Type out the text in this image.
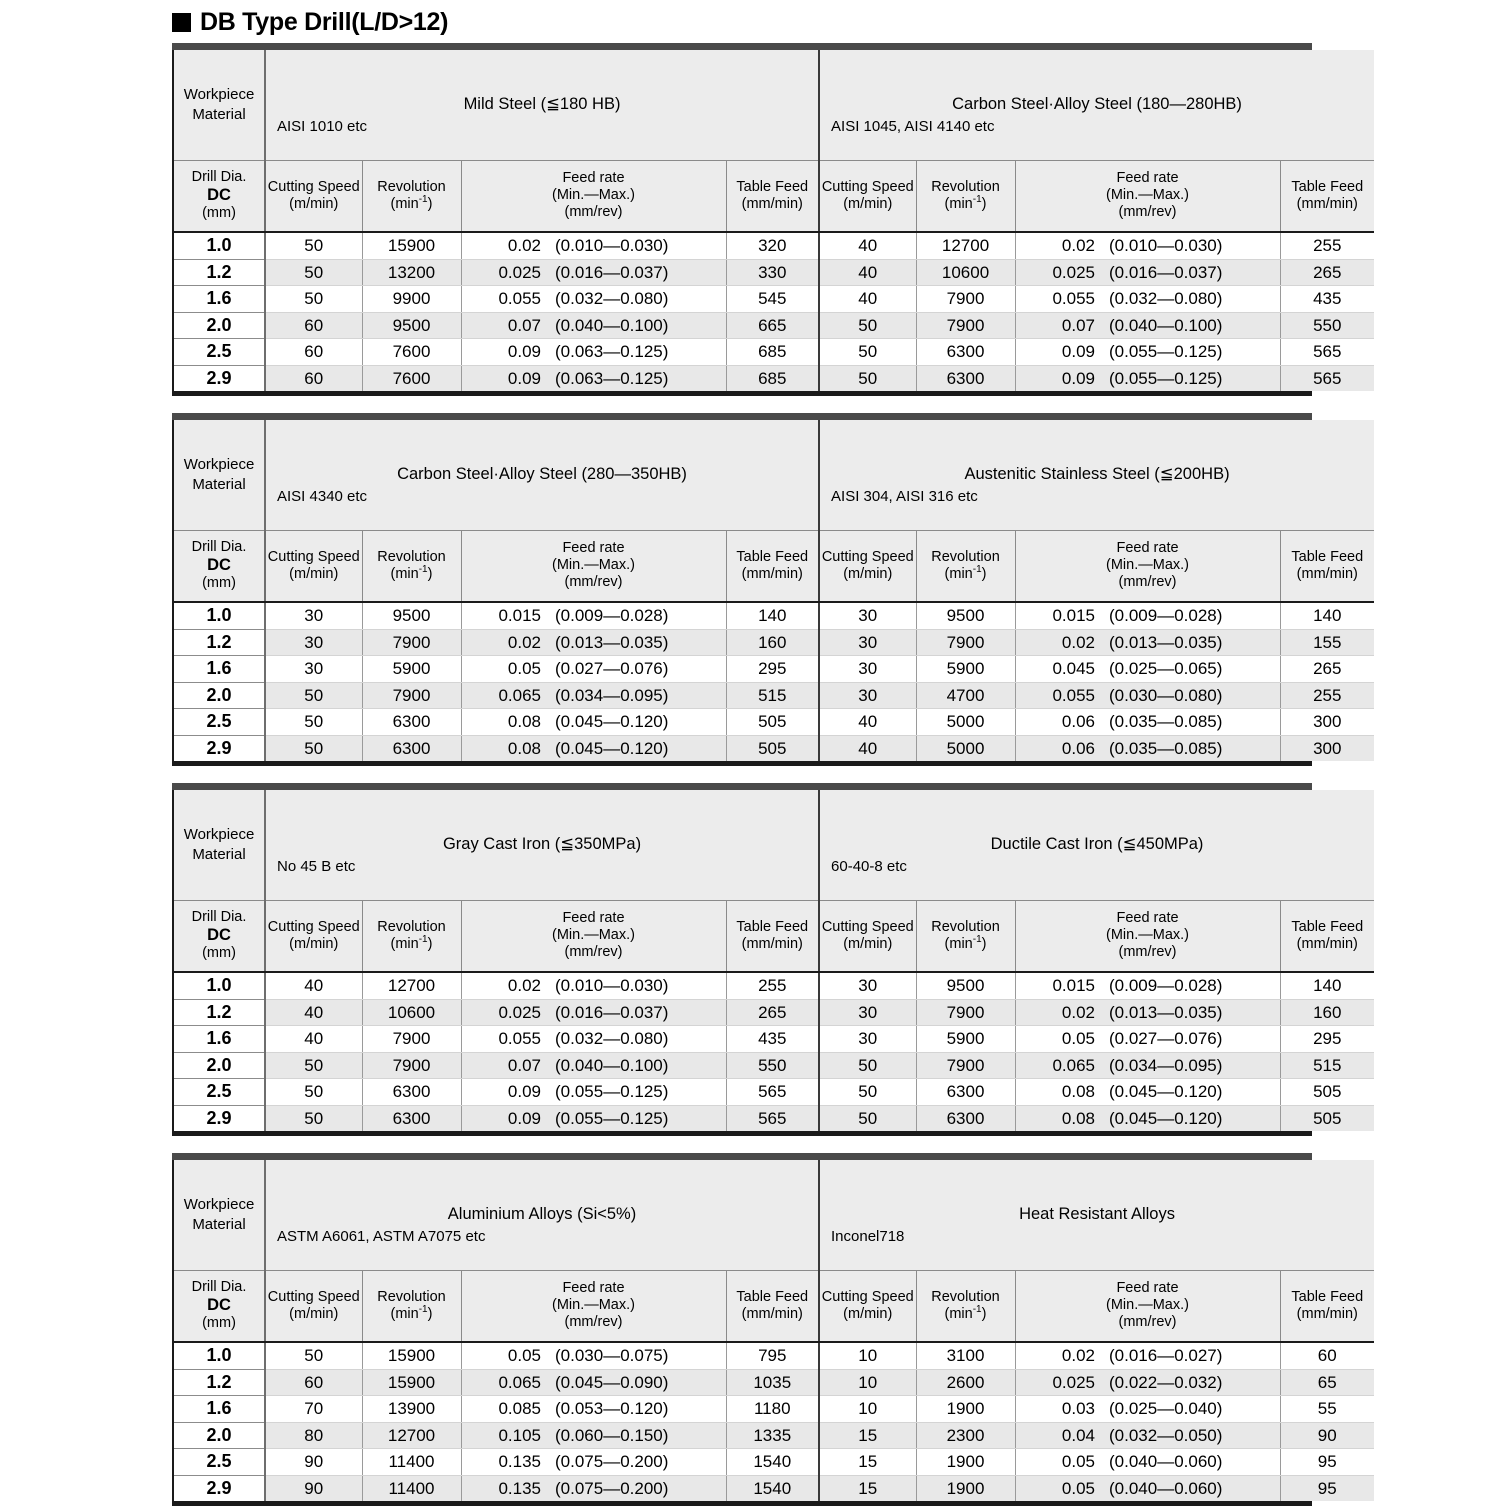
DB Type Drill(L/D>12)
Workpiece Material	Mild Steel (≦180 HB)
AISI 1010 etc				Carbon Steel·Alloy Steel (180—280HB)
AISI 1045, AISI 4140 etc			

Drill Dia.
DC
(mm)	Cutting Speed
(m/min)	Revolution
$(\min^{-1})$	Feed rate
(Min.—Max.)
(mm/rev)	Table Feed
(mm/min)	Cutting Speed
(m/min)	Revolution
$(\min^{-1})$	Feed rate
(Min.—Max.)
(mm/rev)	Table Feed
(mm/min)

1.0	50	15900	0.02 (0.010—0.030)	320	40	12700	0.02 (0.010—0.030)	255
1.2	50	13200	0.025 (0.016—0.037)	330	40	10600	0.025 (0.016—0.037)	265
1.6	50	9900	0.055 (0.032—0.080)	545	40	7900	0.055 (0.032—0.080)	435
2.0	60	9500	0.07 (0.040—0.100)	665	50	7900	0.07 (0.040—0.100)	550
2.5	60	7600	0.09 (0.063—0.125)	685	50	6300	0.09 (0.055—0.125)	565
2.9	60	7600	0.09 (0.063—0.125)	685	50	6300	0.09 (0.055—0.125)	565
Workpiece Material	Carbon Steel·Alloy Steel (280—350HB)
AISI 4340 etc				Austenitic Stainless Steel (≦200HB)
AISI 304, AISI 316 etc			

Drill Dia.
DC
(mm)	Cutting Speed
(m/min)	Revolution
$(\min^{-1})$	Feed rate
(Min.—Max.)
(mm/rev)	Table Feed
(mm/min)	Cutting Speed
(m/min)	Revolution
$(\min^{-1})$	Feed rate
(Min.—Max.)
(mm/rev)	Table Feed
(mm/min)

1.0	30	9500	0.015 (0.009—0.028)	140	30	9500	0.015 (0.009—0.028)	140
1.2	30	7900	0.02 (0.013—0.035)	160	30	7900	0.02 (0.013—0.035)	155
1.6	30	5900	0.05 (0.027—0.076)	295	30	5900	0.045 (0.025—0.065)	265
2.0	50	7900	0.065 (0.034—0.095)	515	30	4700	0.055 (0.030—0.080)	255
2.5	50	6300	0.08 (0.045—0.120)	505	40	5000	0.06 (0.035—0.085)	300
2.9	50	6300	0.08 (0.045—0.120)	505	40	5000	0.06 (0.035—0.085)	300
Workpiece Material	Gray Cast Iron (≦350MPa)
No 45 B etc				Ductile Cast Iron (≦450MPa)
60-40-8 etc			

Drill Dia.
DC
(mm)	Cutting Speed
(m/min)	Revolution
$(\min^{-1})$	Feed rate
(Min.—Max.)
(mm/rev)	Table Feed
(mm/min)	Cutting Speed
(m/min)	Revolution
$(\min^{-1})$	Feed rate
(Min.—Max.)
(mm/rev)	Table Feed
(mm/min)

1.0	40	12700	0.02 (0.010—0.030)	255	30	9500	0.015 (0.009—0.028)	140
1.2	40	10600	0.025 (0.016—0.037)	265	30	7900	0.02 (0.013—0.035)	160
1.6	40	7900	0.055 (0.032—0.080)	435	30	5900	0.05 (0.027—0.076)	295
2.0	50	7900	0.07 (0.040—0.100)	550	50	7900	0.065 (0.034—0.095)	515
2.5	50	6300	0.09 (0.055—0.125)	565	50	6300	0.08 (0.045—0.120)	505
2.9	50	6300	0.09 (0.055—0.125)	565	50	6300	0.08 (0.045—0.120)	505
Workpiece Material	Aluminium Alloys (Si<5%)
ASTM A6061, ASTM A7075 etc				Heat Resistant Alloys
Inconel718			

Drill Dia.
DC
(mm)	Cutting Speed
(m/min)	Revolution
$(\min^{-1})$	Feed rate
(Min.—Max.)
(mm/rev)	Table Feed
(mm/min)	Cutting Speed
(m/min)	Revolution
$(\min^{-1})$	Feed rate
(Min.—Max.)
(mm/rev)	Table Feed
(mm/min)

1.0	50	15900	0.05 (0.030—0.075)	795	10	3100	0.02 (0.016—0.027)	60
1.2	60	15900	0.065 (0.045—0.090)	1035	10	2600	0.025 (0.022—0.032)	65
1.6	70	13900	0.085 (0.053—0.120)	1180	10	1900	0.03 (0.025—0.040)	55
2.0	80	12700	0.105 (0.060—0.150)	1335	15	2300	0.04 (0.032—0.050)	90
2.5	90	11400	0.135 (0.075—0.200)	1540	15	1900	0.05 (0.040—0.060)	95
2.9	90	11400	0.135 (0.075—0.200)	1540	15	1900	0.05 (0.040—0.060)	95
